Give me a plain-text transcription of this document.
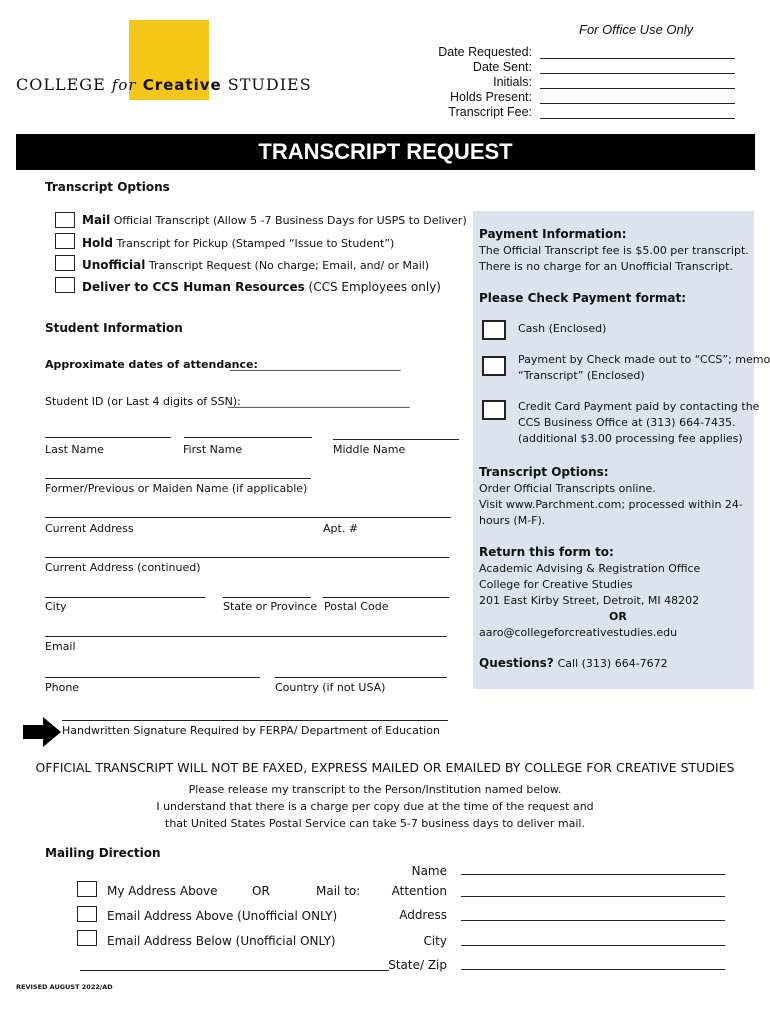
COLLEGE for Creative STUDIES
For Office Use Only
Date Requested:
Date Sent:
Initials:
Holds Present:
Transcript Fee:
TRANSCRIPT REQUEST
Transcript Options
Mail Official Transcript (Allow 5 -7 Business Days for USPS to Deliver)
Hold Transcript for Pickup (Stamped “Issue to Student”)
Unofficial Transcript Request (No charge; Email, and/ or Mail)
Deliver to CCS Human Resources (CCS Employees only)
Student Information
Approximate dates of attendance:
_______________________________
Student ID (or Last 4 digits of SSN):
_________________________________
Last Name	First Name	Middle Name
Former/Previous or Maiden Name (if applicable)
Current Address	Apt. #
Current Address (continued)
City	State or Province Postal Code
Email
Phone	Country (if not USA)
Handwritten Signature Required by FERPA/ Department of Education
Payment Information:
The Official Transcript fee is $5.00 per transcript.
There is no charge for an Unofficial Transcript.
Please Check Payment format:
Cash (Enclosed)
Payment by Check made out to “CCS”; memo
“Transcript” (Enclosed)
Credit Card Payment paid by contacting the
CCS Business Office at (313) 664-7435.
(additional $3.00 processing fee applies)
Transcript Options:
Order Official Transcripts online.
Visit www.Parchment.com; processed within 24-
hours (M-F).
Return this form to:
Academic Advising & Registration Office
College for Creative Studies
201 East Kirby Street, Detroit, MI 48202
OR
aaro@collegeforcreativestudies.edu
Questions? Call (313) 664-7672
OFFICIAL TRANSCRIPT WILL NOT BE FAXED, EXPRESS MAILED OR EMAILED BY COLLEGE FOR CREATIVE STUDIES
Please release my transcript to the Person/Institution named below.
I understand that there is a charge per copy due at the time of the request and
that United States Postal Service can take 5-7 business days to deliver mail.
Mailing Direction
My Address Above	OR	Mail to:
Email Address Above (Unofficial ONLY)
Email Address Below (Unofficial ONLY)
Name
Attention
Address
City
State/ Zip
REVISED AUGUST 2022/AD
